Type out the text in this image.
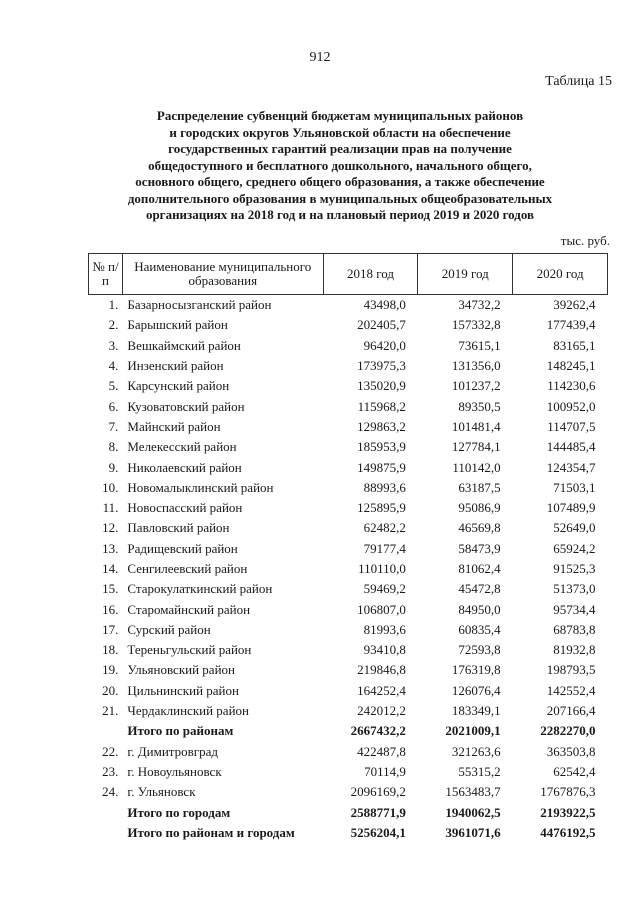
912
Таблица 15
Распределение субвенций бюджетам муниципальных районов
и городских округов Ульяновской области на обеспечение
государственных гарантий реализации прав на получение
общедоступного и бесплатного дошкольного, начального общего,
основного общего, среднего общего образования, а также обеспечение
дополнительного образования в муниципальных общеобразовательных
организациях на 2018 год и на плановый период 2019 и 2020 годов
тыс. руб.
№ п/п	Наименование муниципального образования	2018 год	2019 год	2020 год
1.	Базарносызганский район	43498,0	34732,2	39262,4
2.	Барышский район	202405,7	157332,8	177439,4
3.	Вешкаймский район	96420,0	73615,1	83165,1
4.	Инзенский район	173975,3	131356,0	148245,1
5.	Карсунский район	135020,9	101237,2	114230,6
6.	Кузоватовский район	115968,2	89350,5	100952,0
7.	Майнский район	129863,2	101481,4	114707,5
8.	Мелекесский район	185953,9	127784,1	144485,4
9.	Николаевский район	149875,9	110142,0	124354,7
10.	Новомалыклинский район	88993,6	63187,5	71503,1
11.	Новоспасский район	125895,9	95086,9	107489,9
12.	Павловский район	62482,2	46569,8	52649,0
13.	Радищевский район	79177,4	58473,9	65924,2
14.	Сенгилеевский район	110110,0	81062,4	91525,3
15.	Старокулаткинский район	59469,2	45472,8	51373,0
16.	Старомайнский район	106807,0	84950,0	95734,4
17.	Сурский район	81993,6	60835,4	68783,8
18.	Тереньгульский район	93410,8	72593,8	81932,8
19.	Ульяновский район	219846,8	176319,8	198793,5
20.	Цильнинский район	164252,4	126076,4	142552,4
21.	Чердаклинский район	242012,2	183349,1	207166,4
	Итого по районам	2667432,2	2021009,1	2282270,0
22.	г. Димитровград	422487,8	321263,6	363503,8
23.	г. Новоульяновск	70114,9	55315,2	62542,4
24.	г. Ульяновск	2096169,2	1563483,7	1767876,3
	Итого по городам	2588771,9	1940062,5	2193922,5
	Итого по районам и городам	5256204,1	3961071,6	4476192,5
